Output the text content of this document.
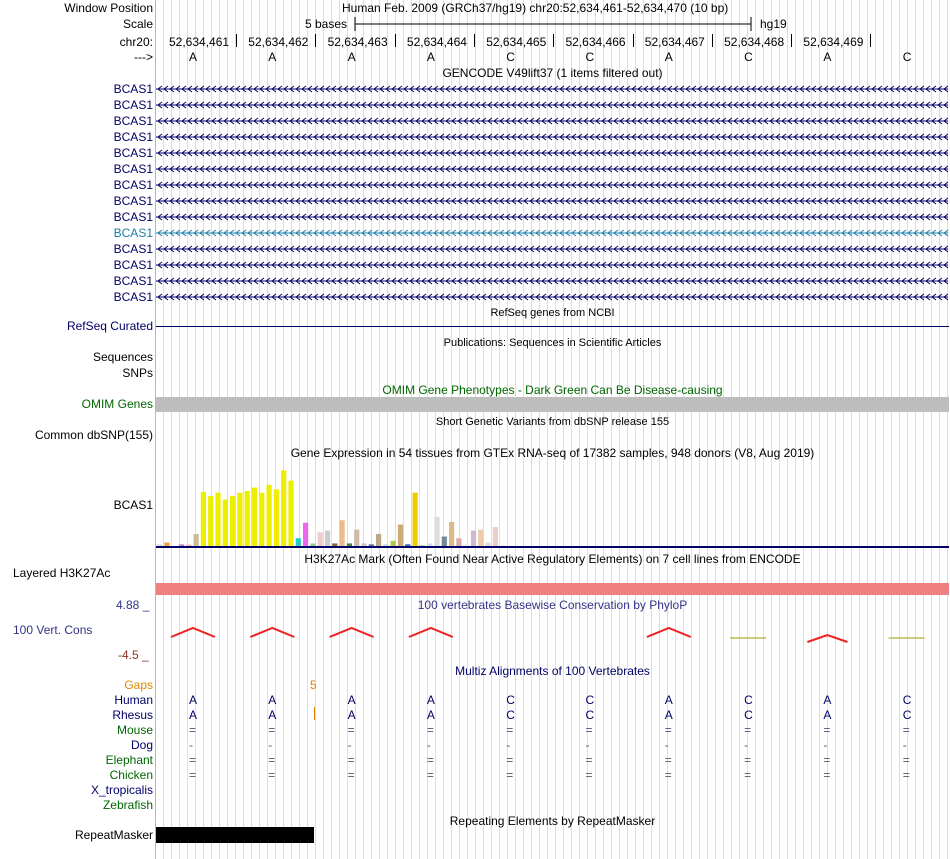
Window Position	Human Feb. 2009 (GRCh37/hg19) chr20:52,634,461-52,634,470 (10 bp)
Scale	5 bases	hg19
chr20:
--->
52,634,461 52,634,462 52,634,463 52,634,464 52,634,465 52,634,466 52,634,467 52,634,468 52,634,469
A	A	A	A	C	C	A	C	A	C
GENCODE V49lift37 (1 items filtered out)
BCAS1
BCAS1
BCAS1
BCAS1
BCAS1
BCAS1
BCAS1
BCAS1
BCAS1
BCAS1
BCAS1
BCAS1
BCAS1
BCAS1
RefSeq genes from NCBI
RefSeq Curated
Publications: Sequences in Scientific Articles
Sequences
SNPs
OMIM Gene Phenotypes - Dark Green Can Be Disease-causing
OMIM Genes
Short Genetic Variants from dbSNP release 155
Common dbSNP(155)
Gene Expression in 54 tissues from GTEx RNA-seq of 17382 samples, 948 donors (V8, Aug 2019)
BCAS1
H3K27Ac Mark (Often Found Near Active Regulatory Elements) on 7 cell lines from ENCODE
Layered H3K27Ac
4.88 _	100 vertebrates Basewise Conservation by PhyloP
100 Vert. Cons
-4.5 _
Multiz Alignments of 100 Vertebrates
Gaps	5
Human	A	A	A	A	C	C	A	C	A	C
Rhesus	A	A	A	A	C	C	A	C	A	C
Mouse	=	=	=	=	=	=	=	=	=	=
Dog	-	-	-	-	-	-	-	-	-	-
Elephant	=	=	=	=	=	=	=	=	=	=
Chicken	=	=	=	=	=	=	=	=	=	=
X_tropicalis
Zebrafish
Repeating Elements by RepeatMasker
RepeatMasker
